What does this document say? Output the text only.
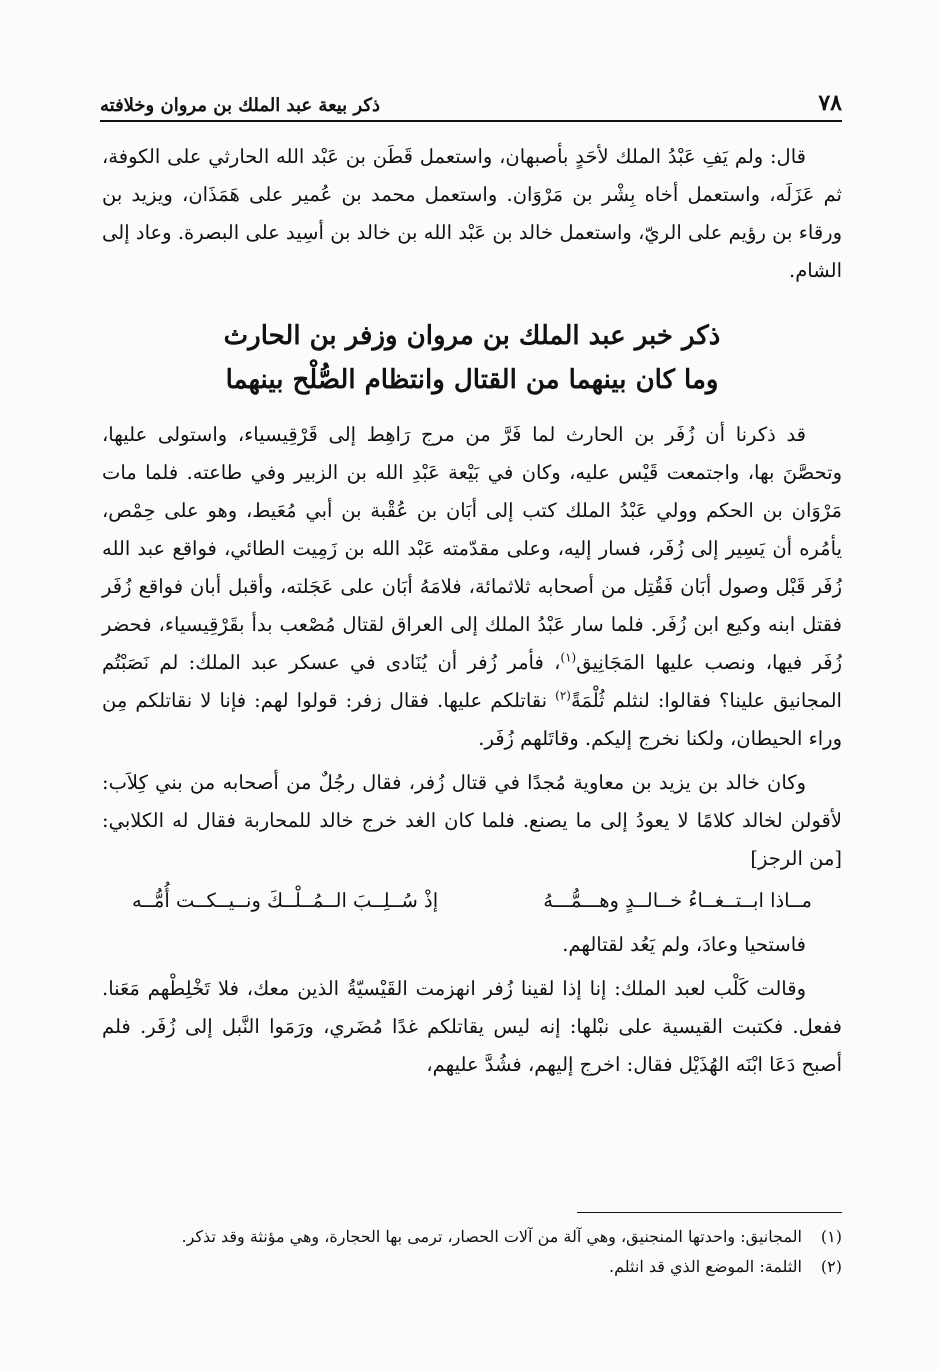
٧٨
ذكر بيعة عبد الملك بن مروان وخلافته

قال: ولم يَفِ عَبْدُ الملك لأحَدٍ بأصبهان، واستعمل قَطَن بن عَبْد الله الحارثي على الكوفة، ثم عَزَلَه، واستعمل أخاه بِشْر بن مَرْوَان. واستعمل محمد بن عُمير على هَمَذَان، ويزيد بن ورقاء بن رؤيم على الريّ، واستعمل خالد بن عَبْد الله بن خالد بن أسِيد على البصرة. وعاد إلى الشام.

ذكر خبر عبد الملك بن مروان وزفر بن الحارث
وما كان بينهما من القتال وانتظام الصُّلْح بينهما

قد ذكرنا أن زُفَر بن الحارث لما فَرَّ من مرج رَاهِط إلى قَرْقِيسياء، واستولى عليها، وتحصَّنَ بها، واجتمعت قَيْس عليه، وكان في بَيْعة عَبْدِ الله بن الزبير وفي طاعته. فلما مات مَرْوَان بن الحكم وولي عَبْدُ الملك كتب إلى أبَان بن عُقْبة بن أبي مُعَيط، وهو على حِمْص، يأمُره أن يَسِير إلى زُفَر، فسار إليه، وعلى مقدّمته عَبْد الله بن زَمِيت الطائي، فواقع عبد الله زُفَر قَبْل وصول أبَان فَقُتِل من أصحابه ثلاثمائة، فلامَهُ أبَان على عَجَلته، وأقبل أبان فواقع زُفَر فقتل ابنه وكيع ابن زُفَر. فلما سار عَبْدُ الملك إلى العراق لقتال مُصْعب بدأ بقَرْقِيسياء، فحضر زُفَر فيها، ونصب عليها المَجَانِيق$^{(١)}$، فأمر زُفر أن يُنَادى في عسكر عبد الملك: لم نَصَبْتُم المجانيق علينا؟ فقالوا: لنثلم ثُلْمَةً$^{(٢)}$ نقاتلكم عليها. فقال زفر: قولوا لهم: فإنا لا نقاتلكم مِن وراء الحيطان، ولكنا نخرج إليكم. وقاتَلهم زُفَر.

وكان خالد بن يزيد بن معاوية مُجدًا في قتال زُفر، فقال رجُلٌ من أصحابه من بني كِلاَب: لأقولن لخالد كلامًا لا يعودُ إلى ما يصنع. فلما كان الغد خرج خالد للمحاربة فقال له الكلابي: [من الرجز]

مــاذا ابــتــغــاءُ خــالــدٍ وهـــمُّـــهُ
إذْ سُــلِــبَ الــمُــلْــكَ ونــيــكــت أُمُّــه

فاستحيا وعادَ، ولم يَعُد لقتالهم.

وقالت كَلْب لعبد الملك: إنا إذا لقينا زُفر انهزمت القَيْسيّةُ الذين معك، فلا تَخْلِطْهم مَعَنا. ففعل. فكتبت القيسية على نبْلها: إنه ليس يقاتلكم غدًا مُضَري، ورَمَوا النَّبل إلى زُفَر. فلم أصبح دَعَا ابْنَه الهُذَيْل فقال: اخرج إليهم، فشُدَّ عليهم،

(١)
المجانيق: واحدتها المنجنيق، وهي آلة من آلات الحصار، ترمى بها الحجارة، وهي مؤنثة وقد تذكر.
(٢)
الثلمة: الموضع الذي قد انثلم.
